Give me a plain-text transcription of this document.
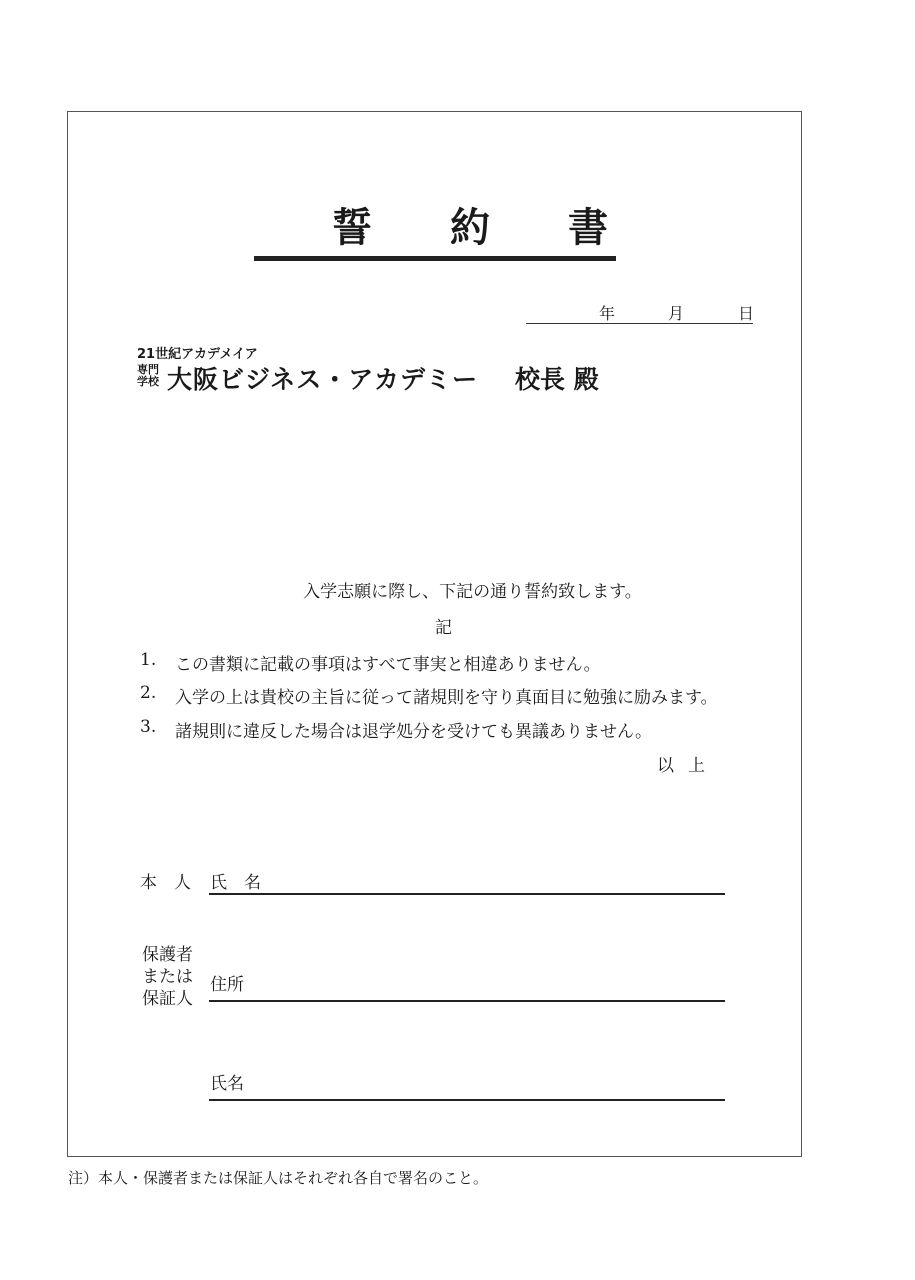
誓約書
年	月	日
21世紀アカデメイア
専門
学校 大阪ビジネス・アカデミー 校長 殿
入学志願に際し、下記の通り誓約致します。
記
1. この書類に記載の事項はすべて事実と相違ありません。
2. 入学の上は貴校の主旨に従って諸規則を守り真面目に勉強に励みます。
3. 諸規則に違反した場合は退学処分を受けても異議ありません。
以上
本　人 氏　名
保護者
または
保証人
住所
氏名
注）本人・保護者または保証人はそれぞれ各自で署名のこと。
